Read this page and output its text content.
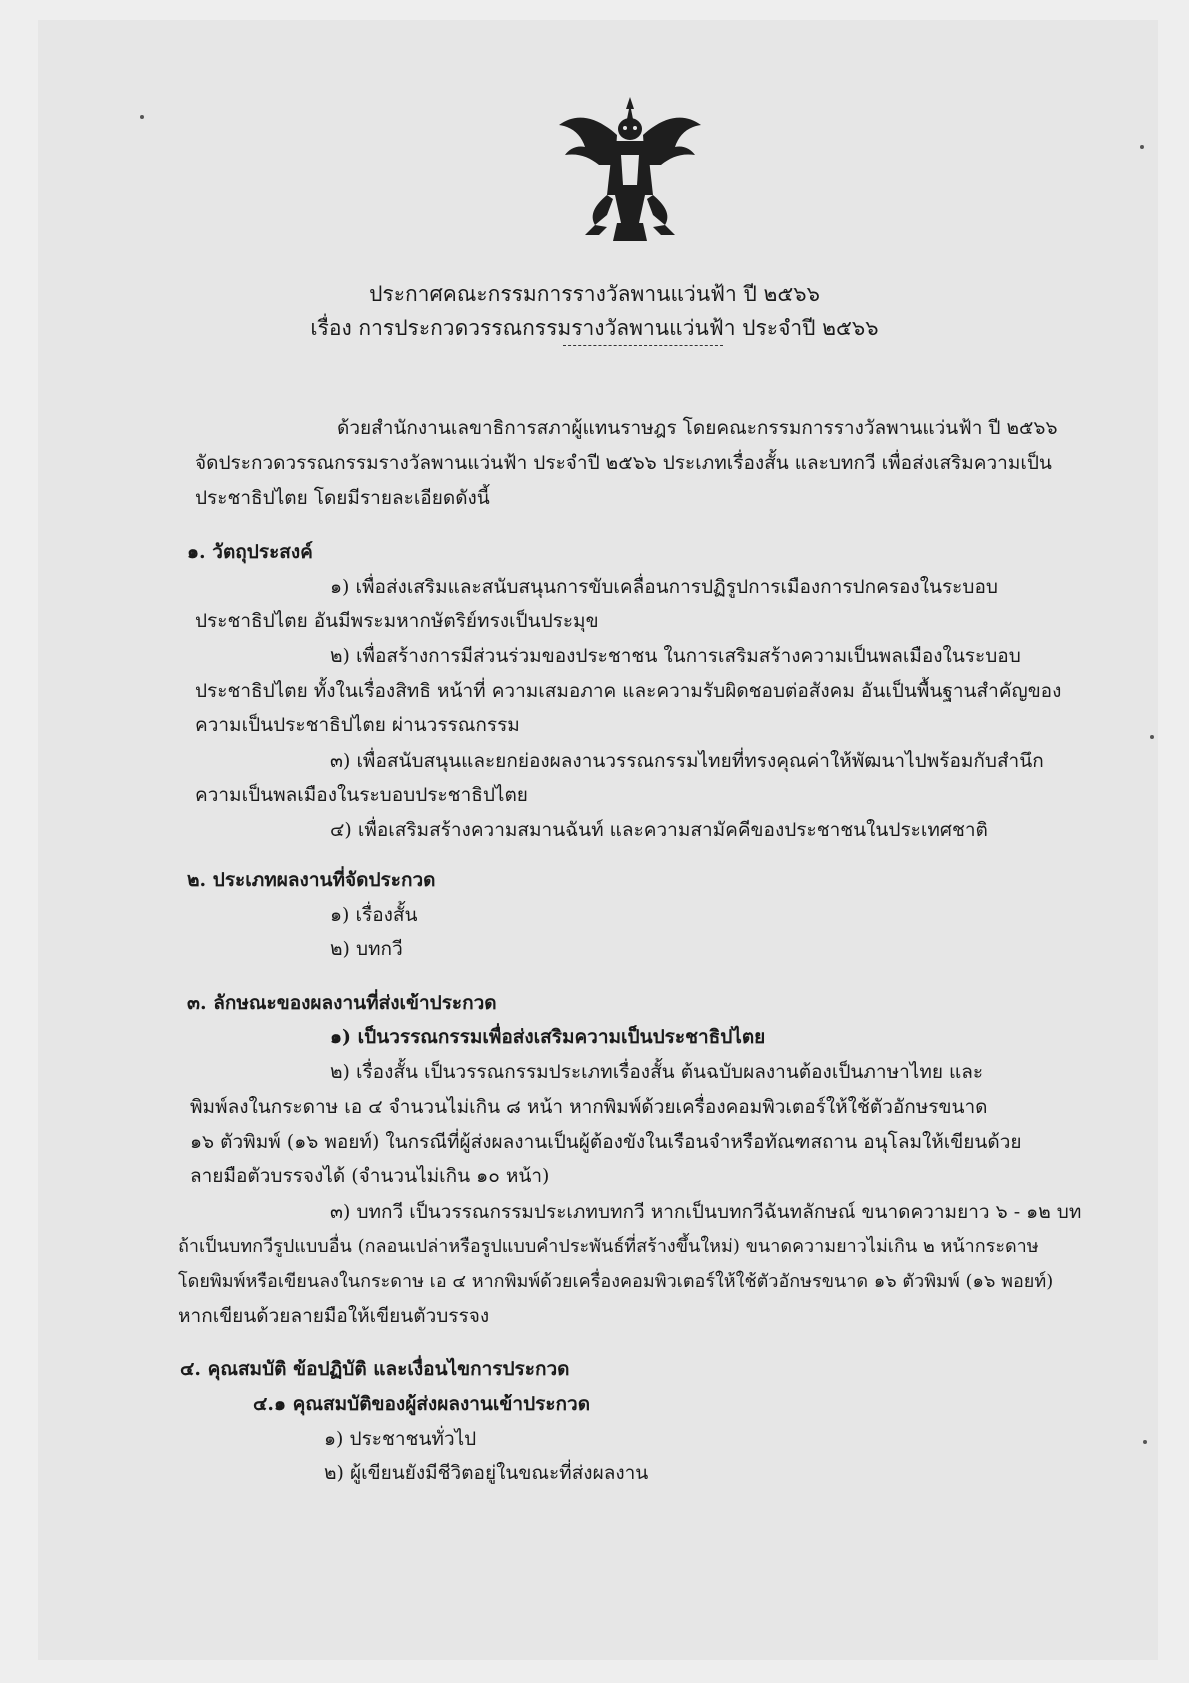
ประกาศคณะกรรมการรางวัลพานแว่นฟ้า ปี ๒๕๖๖
เรื่อง การประกวดวรรณกรรมรางวัลพานแว่นฟ้า ประจำปี ๒๕๖๖
ด้วยสำนักงานเลขาธิการสภาผู้แทนราษฎร โดยคณะกรรมการรางวัลพานแว่นฟ้า ปี ๒๕๖๖
จัดประกวดวรรณกรรมรางวัลพานแว่นฟ้า ประจำปี ๒๕๖๖ ประเภทเรื่องสั้น และบทกวี เพื่อส่งเสริมความเป็น
ประชาธิปไตย โดยมีรายละเอียดดังนี้
๑. วัตถุประสงค์
๑) เพื่อส่งเสริมและสนับสนุนการขับเคลื่อนการปฏิรูปการเมืองการปกครองในระบอบ
ประชาธิปไตย อันมีพระมหากษัตริย์ทรงเป็นประมุข
๒) เพื่อสร้างการมีส่วนร่วมของประชาชน ในการเสริมสร้างความเป็นพลเมืองในระบอบ
ประชาธิปไตย ทั้งในเรื่องสิทธิ หน้าที่ ความเสมอภาค และความรับผิดชอบต่อสังคม อันเป็นพื้นฐานสำคัญของ
ความเป็นประชาธิปไตย ผ่านวรรณกรรม
๓) เพื่อสนับสนุนและยกย่องผลงานวรรณกรรมไทยที่ทรงคุณค่าให้พัฒนาไปพร้อมกับสำนึก
ความเป็นพลเมืองในระบอบประชาธิปไตย
๔) เพื่อเสริมสร้างความสมานฉันท์ และความสามัคคีของประชาชนในประเทศชาติ
๒. ประเภทผลงานที่จัดประกวด
๑) เรื่องสั้น
๒) บทกวี
๓. ลักษณะของผลงานที่ส่งเข้าประกวด
๑) เป็นวรรณกรรมเพื่อส่งเสริมความเป็นประชาธิปไตย
๒) เรื่องสั้น เป็นวรรณกรรมประเภทเรื่องสั้น ต้นฉบับผลงานต้องเป็นภาษาไทย และ
พิมพ์ลงในกระดาษ เอ ๔ จำนวนไม่เกิน ๘ หน้า หากพิมพ์ด้วยเครื่องคอมพิวเตอร์ให้ใช้ตัวอักษรขนาด
๑๖ ตัวพิมพ์ (๑๖ พอยท์) ในกรณีที่ผู้ส่งผลงานเป็นผู้ต้องขังในเรือนจำหรือทัณฑสถาน อนุโลมให้เขียนด้วย
ลายมือตัวบรรจงได้ (จำนวนไม่เกิน ๑๐ หน้า)
๓) บทกวี เป็นวรรณกรรมประเภทบทกวี หากเป็นบทกวีฉันทลักษณ์ ขนาดความยาว ๖ - ๑๒ บท
ถ้าเป็นบทกวีรูปแบบอื่น (กลอนเปล่าหรือรูปแบบคำประพันธ์ที่สร้างขึ้นใหม่) ขนาดความยาวไม่เกิน ๒ หน้ากระดาษ
โดยพิมพ์หรือเขียนลงในกระดาษ เอ ๔ หากพิมพ์ด้วยเครื่องคอมพิวเตอร์ให้ใช้ตัวอักษรขนาด ๑๖ ตัวพิมพ์ (๑๖ พอยท์)
หากเขียนด้วยลายมือให้เขียนตัวบรรจง
๔. คุณสมบัติ ข้อปฏิบัติ และเงื่อนไขการประกวด
๔.๑ คุณสมบัติของผู้ส่งผลงานเข้าประกวด
๑) ประชาชนทั่วไป
๒) ผู้เขียนยังมีชีวิตอยู่ในขณะที่ส่งผลงาน
